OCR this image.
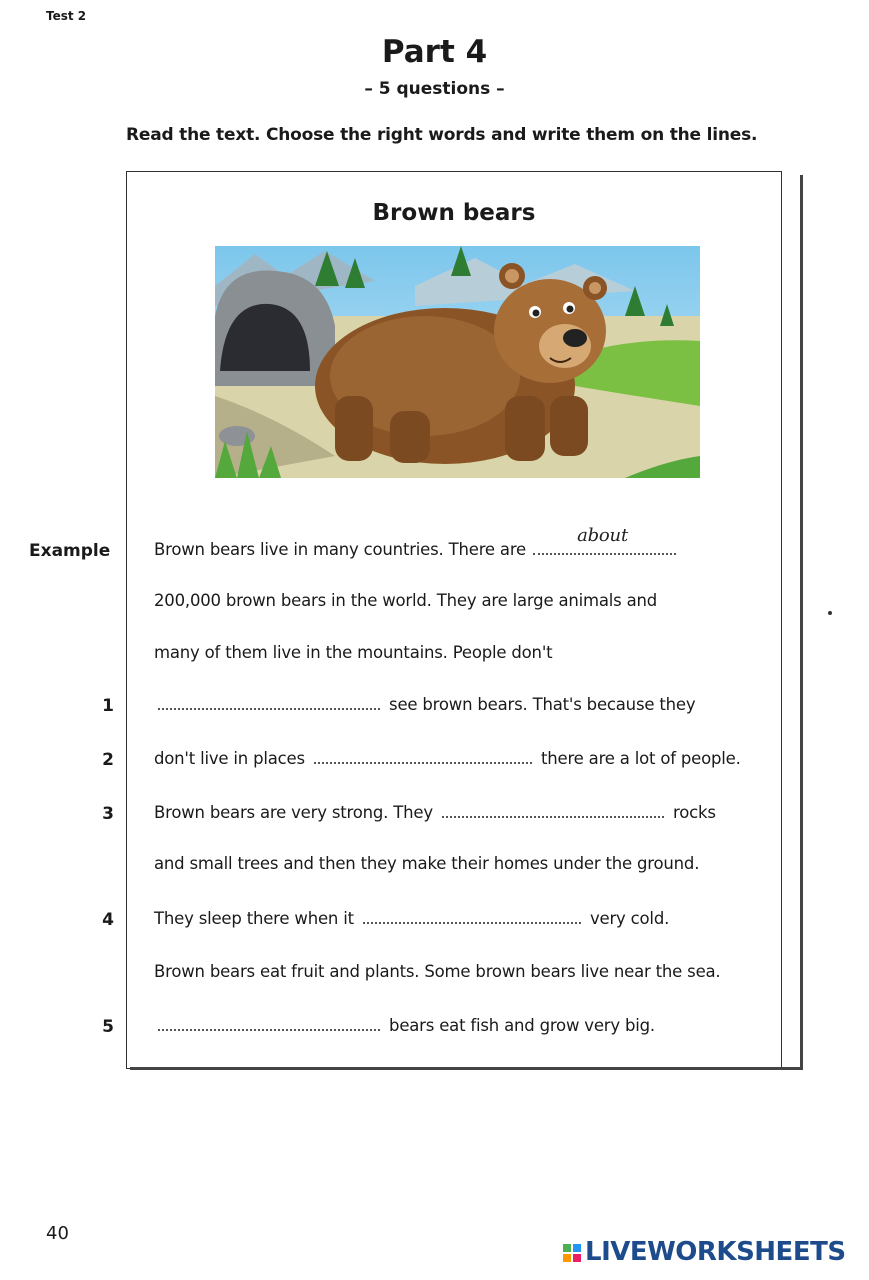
Test 2
Part 4
– 5 questions –
Read the text. Choose the right words and write them on the lines.
Brown bears
Example	Brown bears live in many countries. There are
about
200,000 brown bears in the world. They are large animals and
many of them live in the mountains. People don't
1	see brown bears. That's because they
2 don't live in places	there are a lot of people.
3 Brown bears are very strong. They	rocks
and small trees and then they make their homes under the ground.
4 They sleep there when it	very cold.
Brown bears eat fruit and plants. Some brown bears live near the sea.
5	bears eat fish and grow very big.
40
LIVEWORKSHEETS
